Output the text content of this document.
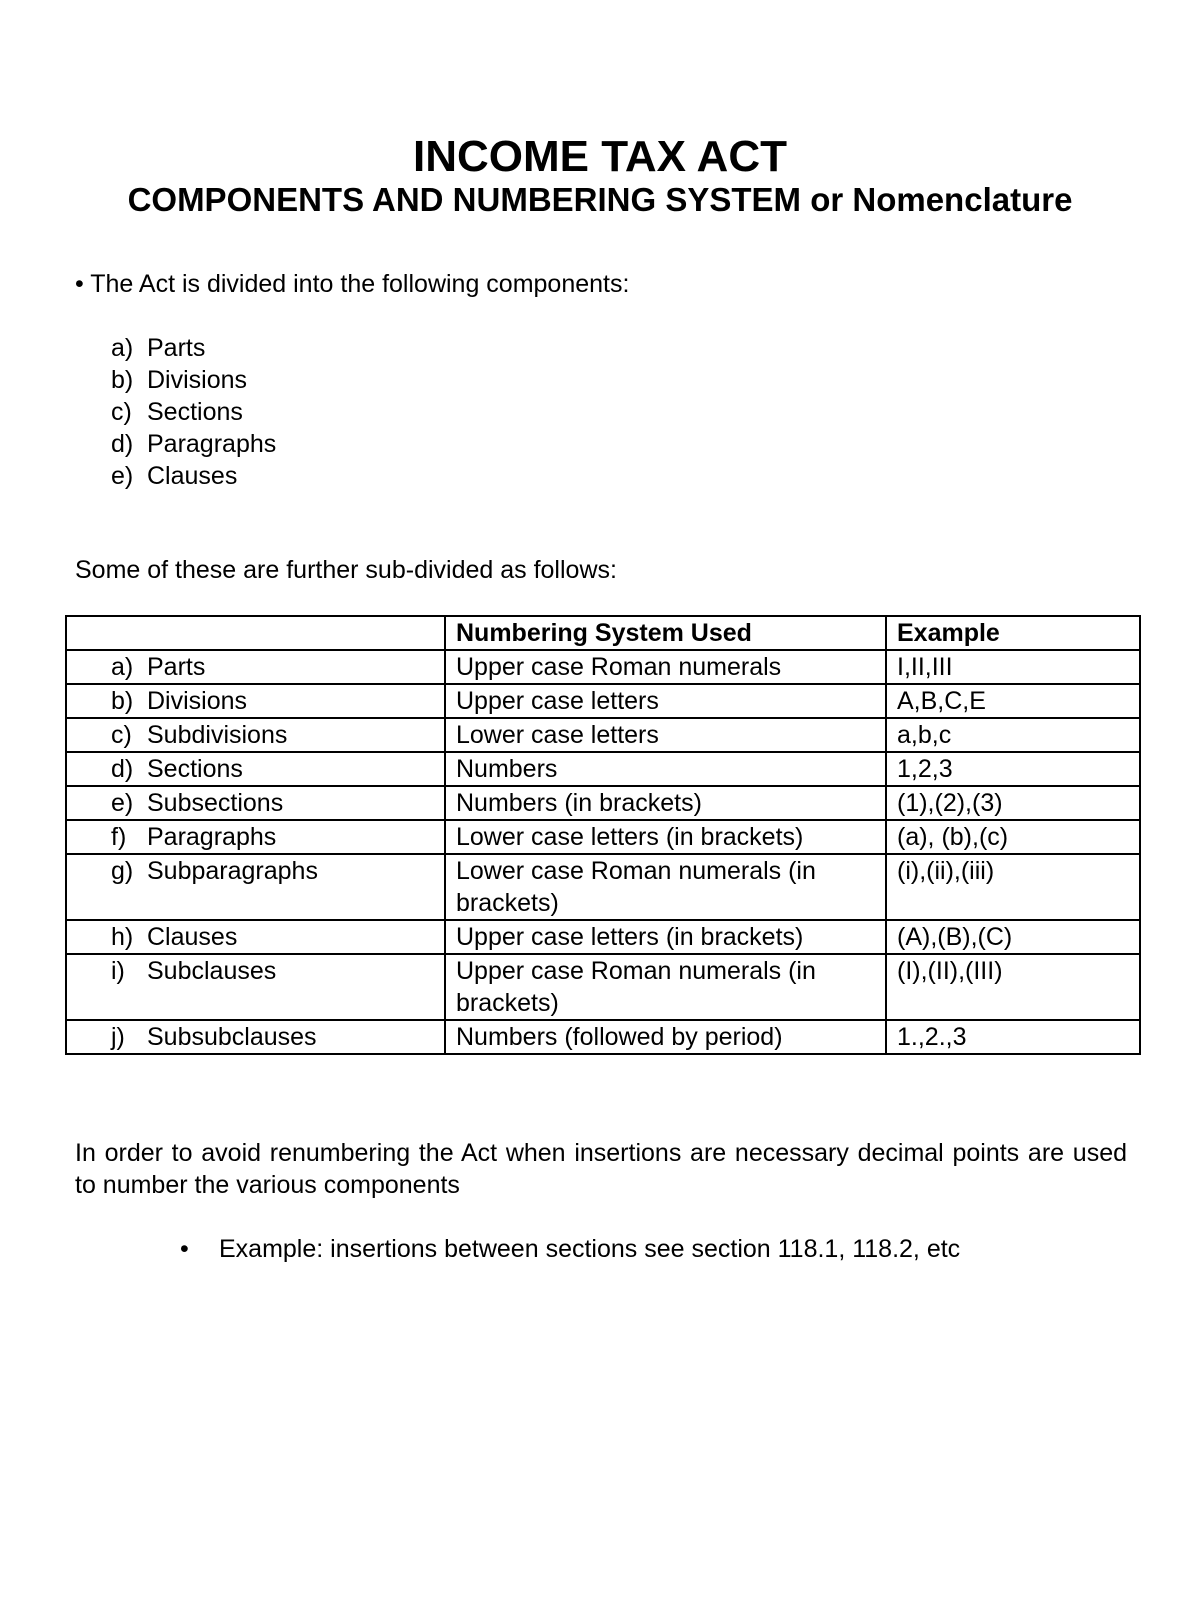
INCOME TAX ACT
COMPONENTS AND NUMBERING SYSTEM or Nomenclature
• The Act is divided into the following components:
a) Parts
b) Divisions
c) Sections
d) Paragraphs
e) Clauses
Some of these are further sub-divided as follows:
	Numbering System Used	Example
a) Parts	Upper case Roman numerals	I,II,III
b) Divisions	Upper case letters	A,B,C,E
c) Subdivisions	Lower case letters	a,b,c
d) Sections	Numbers	1,2,3
e) Subsections	Numbers (in brackets)	(1),(2),(3)
f) Paragraphs	Lower case letters (in brackets)	(a), (b),(c)
g) Subparagraphs	Lower case Roman numerals (in brackets)	(i),(ii),(iii)
h) Clauses	Upper case letters (in brackets)	(A),(B),(C)
i) Subclauses	Upper case Roman numerals (in brackets)	(I),(II),(III)
j) Subsubclauses	Numbers (followed by period)	1.,2.,3
In order to avoid renumbering the Act when insertions are necessary decimal points are used to number the various components
• Example: insertions between sections see section 118.1, 118.2, etc
